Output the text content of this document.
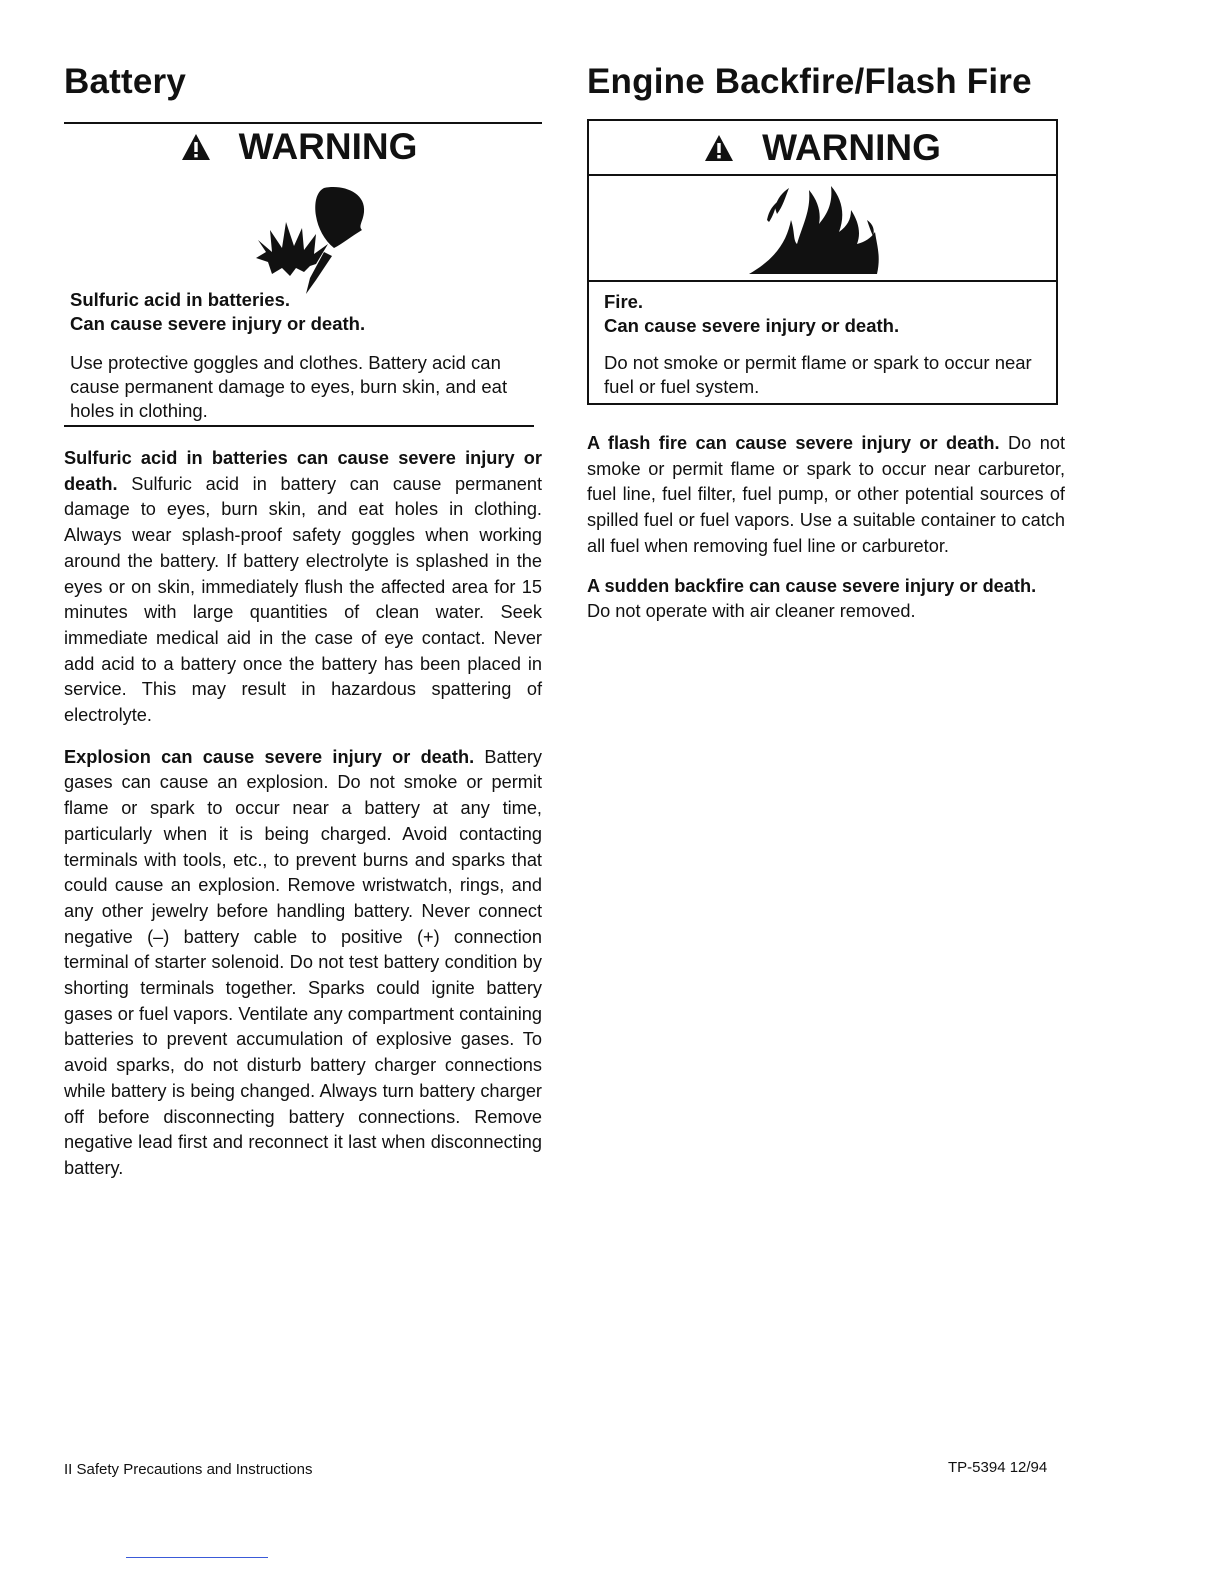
Battery
WARNING

Sulfuric acid in batteries.

Can cause severe injury or death.

Use protective goggles and clothes. Battery acid can cause permanent damage to eyes, burn skin, and eat holes in clothing.

Sulfuric acid in batteries can cause severe injury or death. Sulfuric acid in battery can cause permanent damage to eyes, burn skin, and eat holes in clothing. Always wear splash-proof safety goggles when working around the battery. If battery electrolyte is splashed in the eyes or on skin, immediately flush the affected area for 15 minutes with large quantities of clean water. Seek immediate medical aid in the case of eye contact. Never add acid to a battery once the battery has been placed in service. This may result in hazardous spattering of electrolyte.

Explosion can cause severe injury or death. Battery gases can cause an explosion. Do not smoke or permit flame or spark to occur near a battery at any time, particularly when it is being charged. Avoid contacting terminals with tools, etc., to prevent burns and sparks that could cause an explosion. Remove wristwatch, rings, and any other jewelry before handling battery. Never connect negative (–) battery cable to positive (+) connection terminal of starter solenoid. Do not test battery condition by shorting terminals together. Sparks could ignite battery gases or fuel vapors. Ventilate any compartment containing batteries to prevent accumulation of explosive gases. To avoid sparks, do not disturb battery charger connections while battery is being changed. Always turn battery charger off before disconnecting battery connections. Remove negative lead first and reconnect it last when disconnecting battery.

Engine Backfire/Flash Fire
WARNING

Fire.

Can cause severe injury or death.

Do not smoke or permit flame or spark to occur near fuel or fuel system.

A flash fire can cause severe injury or death. Do not smoke or permit flame or spark to occur near carburetor, fuel line, fuel filter, fuel pump, or other potential sources of spilled fuel or fuel vapors. Use a suitable container to catch all fuel when removing fuel line or carburetor.

A sudden backfire can cause severe injury or death.
Do not operate with air cleaner removed.

II Safety Precautions and Instructions	TP-5394 12/94
